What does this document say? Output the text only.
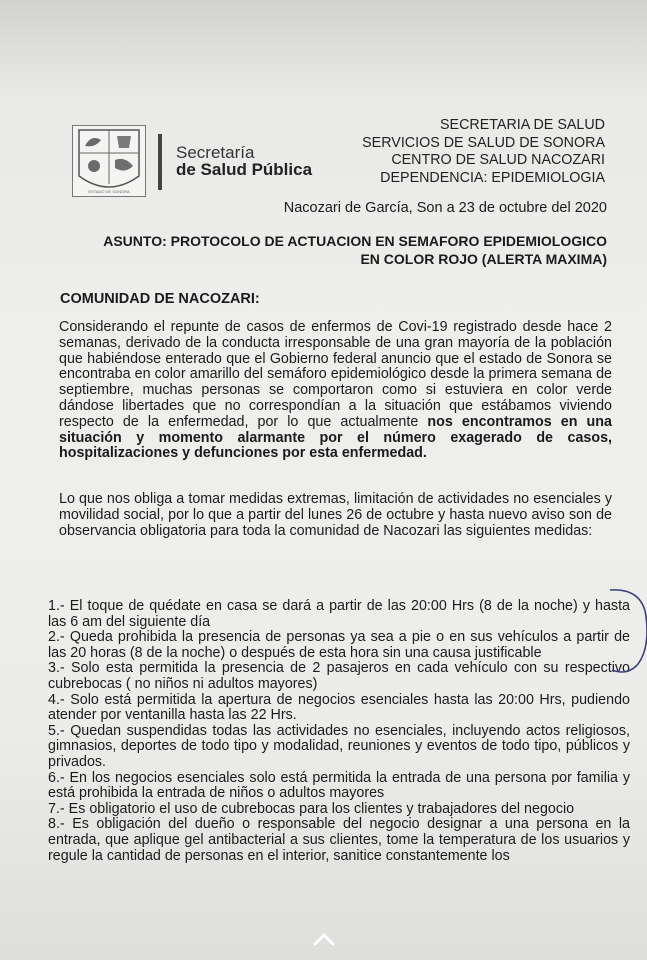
ESTADO DE SONORA
Secretaría
de Salud Pública
SECRETARIA DE SALUD
SERVICIOS DE SALUD DE SONORA
CENTRO DE SALUD NACOZARI
DEPENDENCIA: EPIDEMIOLOGIA
Nacozari de García, Son a 23 de octubre del 2020
ASUNTO: PROTOCOLO DE ACTUACION EN SEMAFORO EPIDEMIOLOGICO
EN COLOR ROJO (ALERTA MAXIMA)
COMUNIDAD DE NACOZARI:
Considerando el repunte de casos de enfermos de Covi-19 registrado desde hace 2 semanas, derivado de la conducta irresponsable de una gran mayoría de la población que habiéndose enterado que el Gobierno federal anuncio que el estado de Sonora se encontraba en color amarillo del semáforo epidemiológico desde la primera semana de septiembre, muchas personas se comportaron como si estuviera en color verde dándose libertades que no correspondían a la situación que estábamos viviendo respecto de la enfermedad, por lo que actualmente nos encontramos en una situación y momento alarmante por el número exagerado de casos, hospitalizaciones y defunciones por esta enfermedad.
Lo que nos obliga a tomar medidas extremas, limitación de actividades no esenciales y movilidad social, por lo que a partir del lunes 26 de octubre y hasta nuevo aviso son de observancia obligatoria para toda la comunidad de Nacozari las siguientes medidas:

1.- El toque de quédate en casa se dará a partir de las 20:00 Hrs (8 de la noche) y hasta las 6 am del siguiente día

2.- Queda prohibida la presencia de personas ya sea a pie o en sus vehículos a partir de las 20 horas (8 de la noche) o después de esta hora sin una causa justificable

3.- Solo esta permitida la presencia de 2 pasajeros en cada vehículo con su respectivo cubrebocas ( no niños ni adultos mayores)

4.- Solo está permitida la apertura de negocios esenciales hasta las 20:00 Hrs, pudiendo atender por ventanilla hasta las 22 Hrs.

5.- Quedan suspendidas todas las actividades no esenciales, incluyendo actos religiosos, gimnasios, deportes de todo tipo y modalidad, reuniones y eventos de todo tipo, públicos y privados.

6.- En los negocios esenciales solo está permitida la entrada de una persona por familia y está prohibida la entrada de niños o adultos mayores

7.- Es obligatorio el uso de cubrebocas para los clientes y trabajadores del negocio

8.- Es obligación del dueño o responsable del negocio designar a una persona en la entrada, que aplique gel antibacterial a sus clientes, tome la temperatura de los usuarios y regule la cantidad de personas en el interior, sanitice constantemente los
